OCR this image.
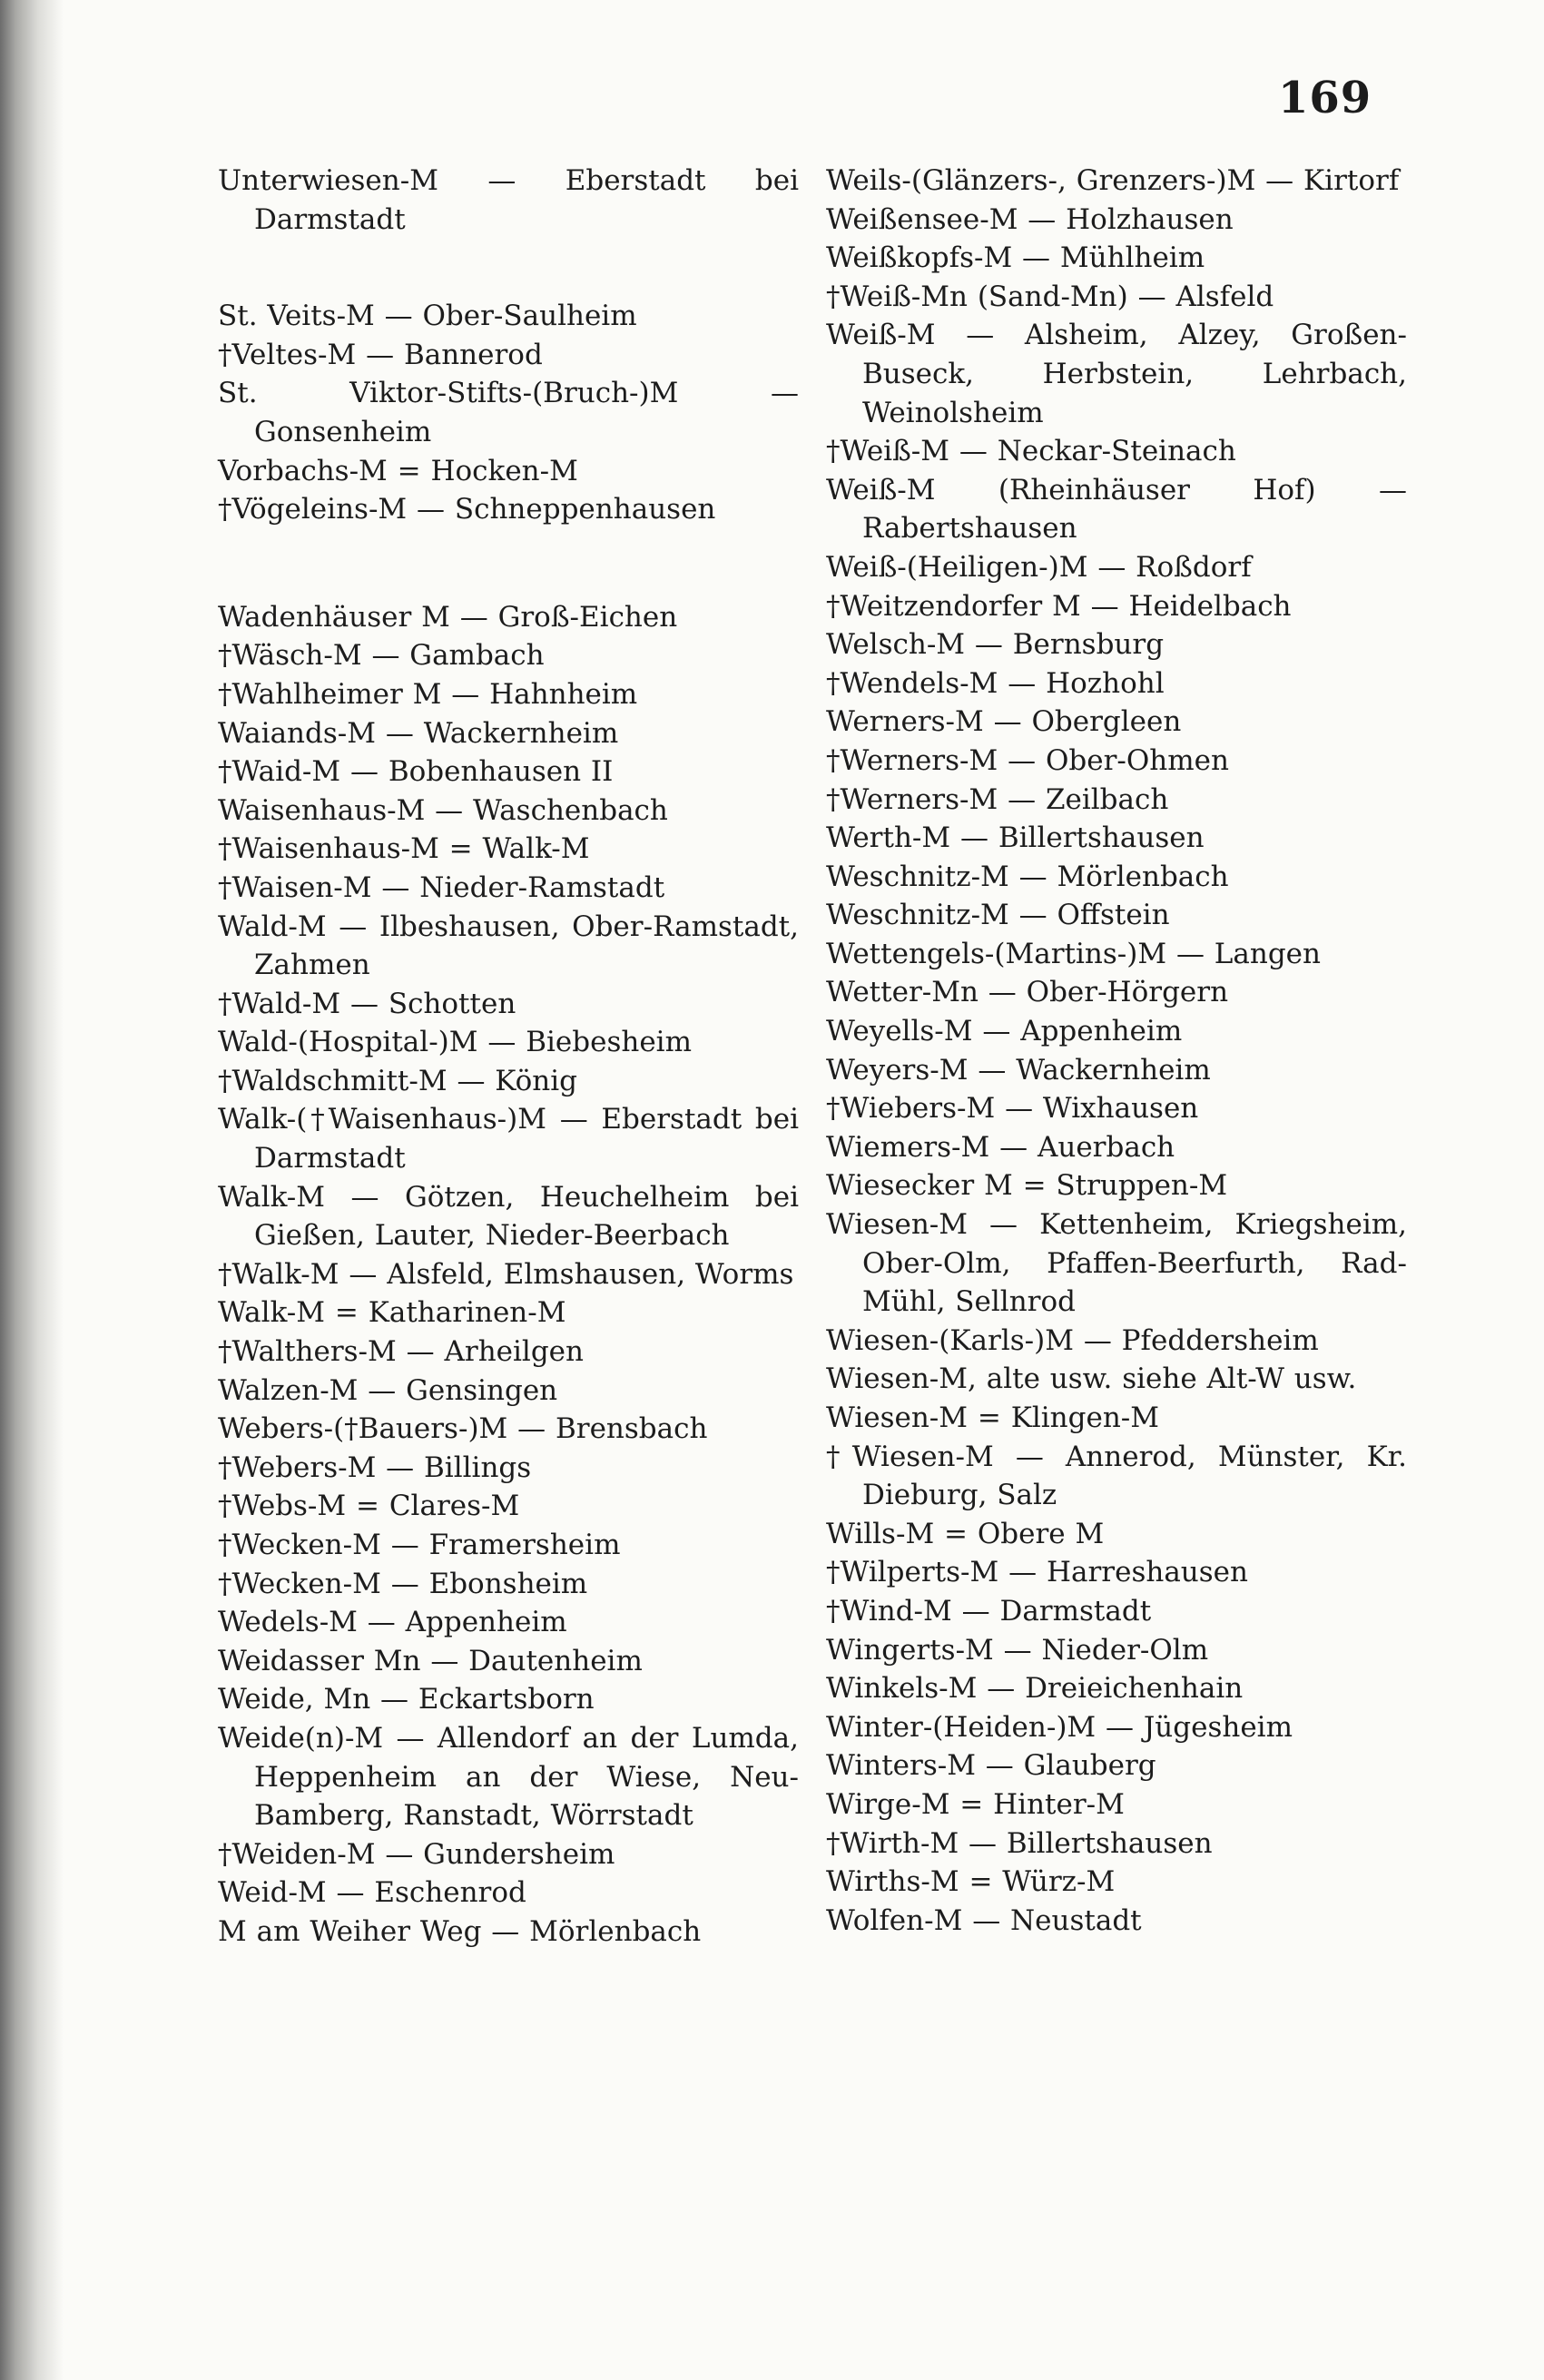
169
Unterwiesen-M — Eberstadt bei Darmstadt
St. Veits-M — Ober-Saulheim
†Veltes-M — Bannerod
St. Viktor-Stifts-(Bruch-)M — Gonsenheim
Vorbachs-M = Hocken-M
†Vögeleins-M — Schneppenhausen
Wadenhäuser M — Groß-Eichen
†Wäsch-M — Gambach
†Wahlheimer M — Hahnheim
Waiands-M — Wackernheim
†Waid-M — Bobenhausen II
Waisenhaus-M — Waschenbach
†Waisenhaus-M = Walk-M
†Waisen-M — Nieder-Ramstadt
Wald-M — Ilbeshausen, Ober-Ramstadt, Zahmen
†Wald-M — Schotten
Wald-(Hospital-)M — Biebesheim
†Waldschmitt-M — König
Walk-(†Waisenhaus-)M — Eberstadt bei Darmstadt
Walk-M — Götzen, Heuchelheim bei Gießen, Lauter, Nieder-Beerbach
†Walk-M — Alsfeld, Elmshausen, Worms
Walk-M = Katharinen-M
†Walthers-M — Arheilgen
Walzen-M — Gensingen
Webers-(†Bauers-)M — Brensbach
†Webers-M — Billings
†Webs-M = Clares-M
†Wecken-M — Framersheim
†Wecken-M — Ebonsheim
Wedels-M — Appenheim
Weidasser Mn — Dautenheim
Weide, Mn — Eckartsborn
Weide(n)-M — Allendorf an der Lumda, Heppenheim an der Wiese, Neu-Bamberg, Ranstadt, Wörrstadt
†Weiden-M — Gundersheim
Weid-M — Eschenrod
M am Weiher Weg — Mörlenbach
Weils-(Glänzers-, Grenzers-)M — Kirtorf
Weißensee-M — Holzhausen
Weißkopfs-M — Mühlheim
†Weiß-Mn (Sand-Mn) — Alsfeld
Weiß-M — Alsheim, Alzey, Großen-Buseck, Herbstein, Lehrbach, Weinolsheim
†Weiß-M — Neckar-Steinach
Weiß-M (Rheinhäuser Hof) — Rabertshausen
Weiß-(Heiligen-)M — Roßdorf
†Weitzendorfer M — Heidelbach
Welsch-M — Bernsburg
†Wendels-M — Hozhohl
Werners-M — Obergleen
†Werners-M — Ober-Ohmen
†Werners-M — Zeilbach
Werth-M — Billertshausen
Weschnitz-M — Mörlenbach
Weschnitz-M — Offstein
Wettengels-(Martins-)M — Langen
Wetter-Mn — Ober-Hörgern
Weyells-M — Appenheim
Weyers-M — Wackernheim
†Wiebers-M — Wixhausen
Wiemers-M — Auerbach
Wiesecker M = Struppen-M
Wiesen-M — Kettenheim, Kriegsheim, Ober-Olm, Pfaffen-Beerfurth, Rad-Mühl, Sellnrod
Wiesen-(Karls-)M — Pfeddersheim
Wiesen-M, alte usw. siehe Alt-W usw.
Wiesen-M = Klingen-M
†Wiesen-M — Annerod, Münster, Kr. Dieburg, Salz
Wills-M = Obere M
†Wilperts-M — Harreshausen
†Wind-M — Darmstadt
Wingerts-M — Nieder-Olm
Winkels-M — Dreieichenhain
Winter-(Heiden-)M — Jügesheim
Winters-M — Glauberg
Wirge-M = Hinter-M
†Wirth-M — Billertshausen
Wirths-M = Würz-M
Wolfen-M — Neustadt
